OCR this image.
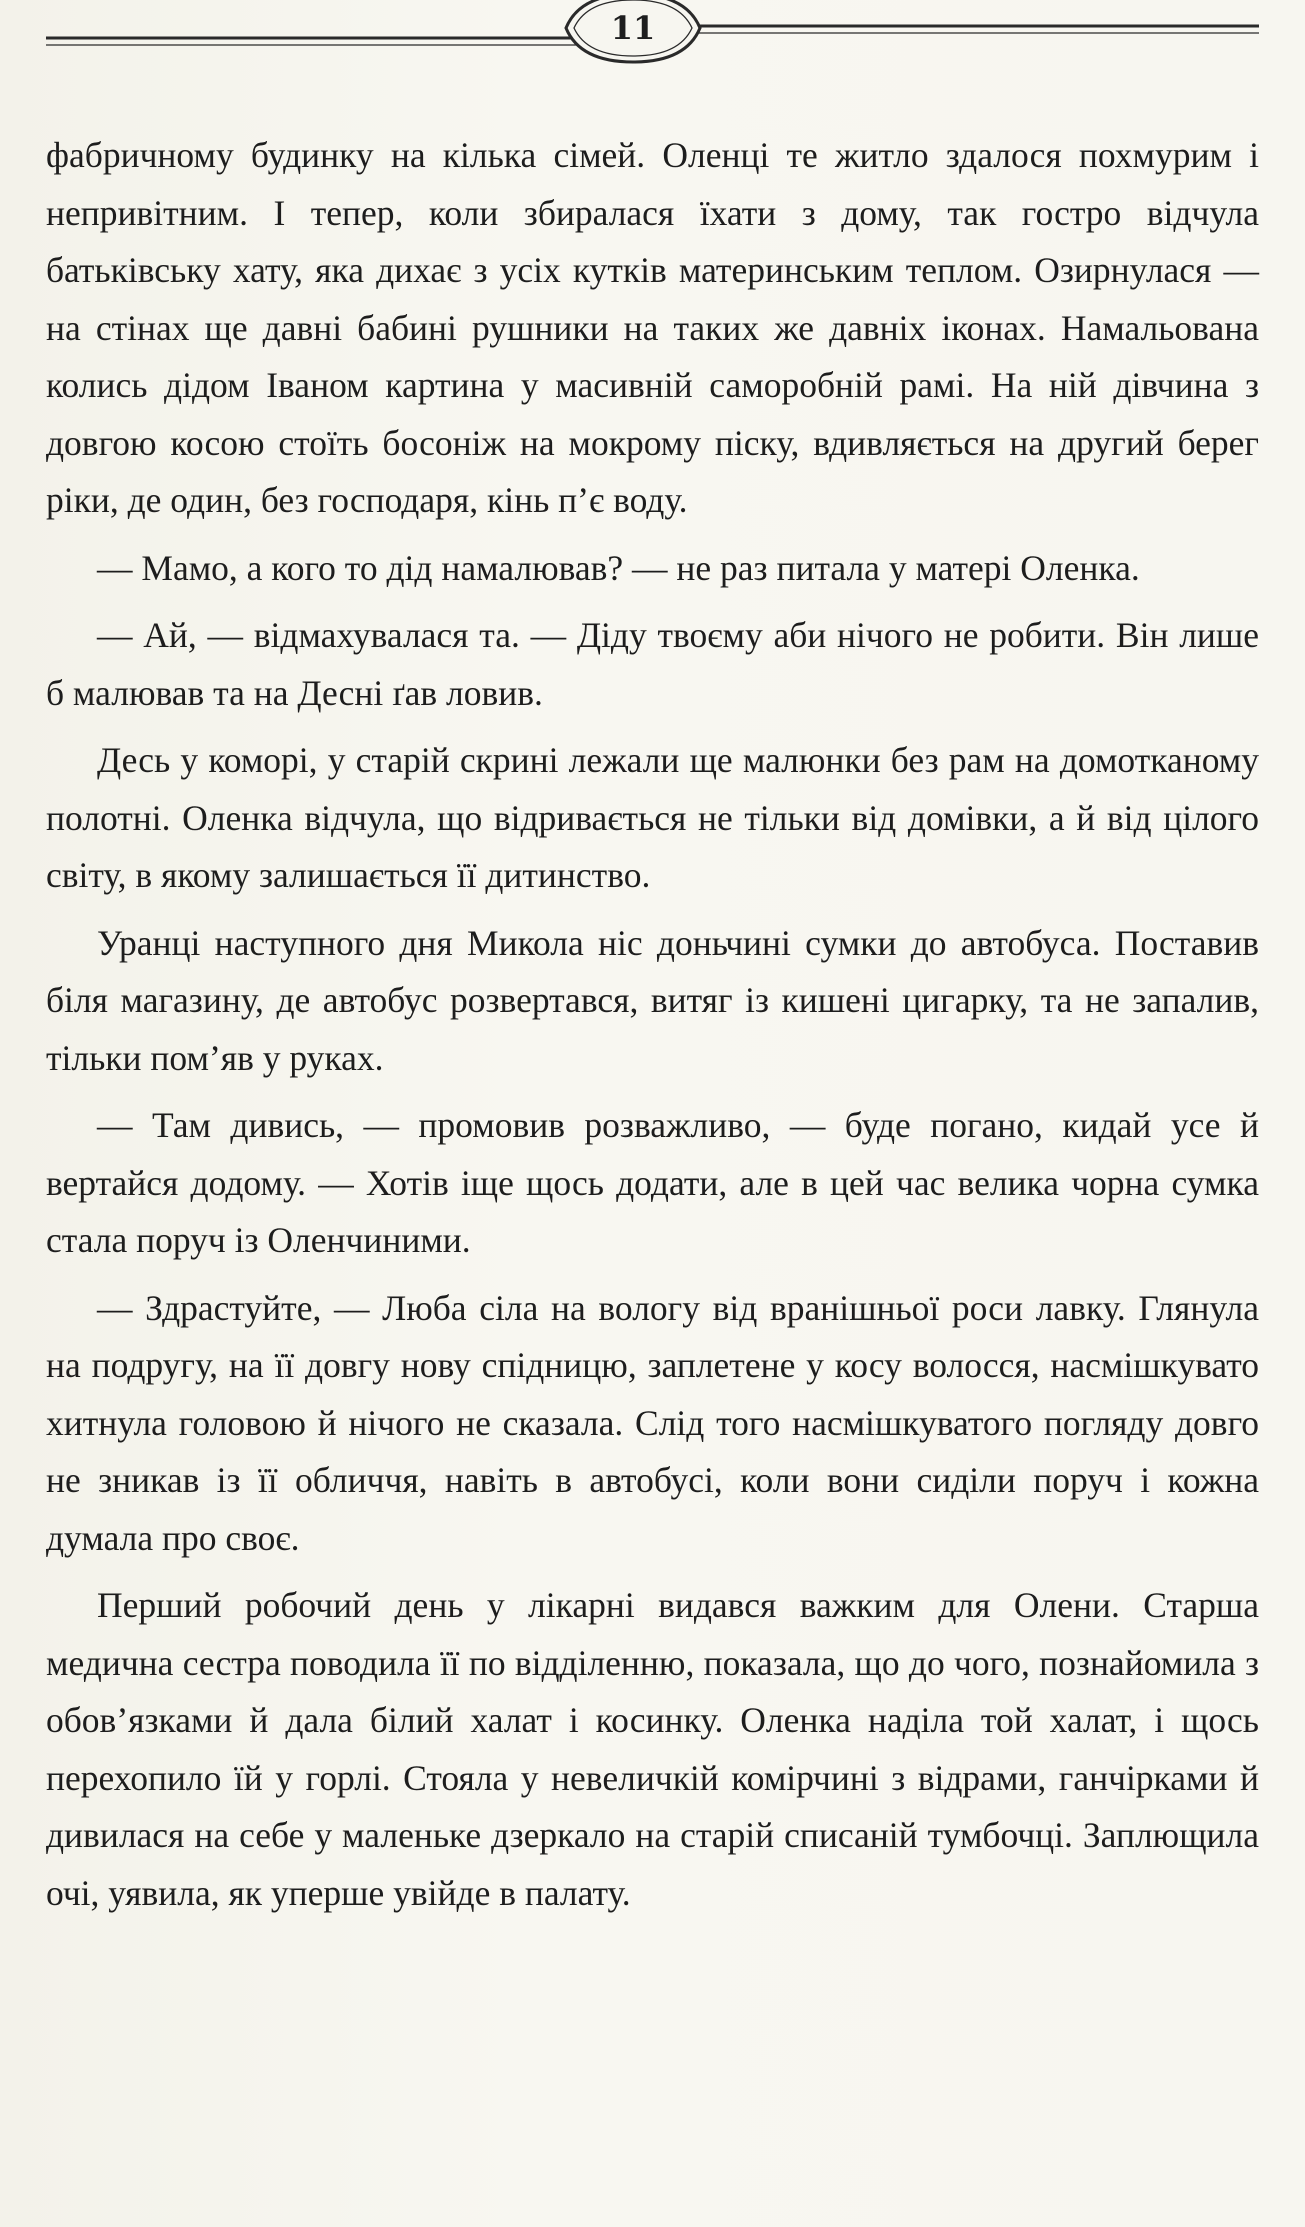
11

фабричному будинку на кілька сімей. Оленці те житло здалося похмурим і непривітним. І тепер, коли збиралася їхати з дому, так гостро відчула батьківську хату, яка дихає з усіх кутків материнським теплом. Озирнулася — на стінах ще давні бабині рушники на таких же давніх іконах. Намальована колись дідом Іваном картина у масивній саморобній рамі. На ній дівчина з довгою косою стоїть босоніж на мокрому піску, вдивляється на другий берег ріки, де один, без господаря, кінь п’є воду.

— Мамо, а кого то дід намалював? — не раз питала у матері Оленка.

— Ай, — відмахувалася та. — Діду твоєму аби нічого не робити. Він лише б малював та на Десні ґав ловив.

Десь у коморі, у старій скрині лежали ще малюнки без рам на домотканому полотні. Оленка відчула, що відривається не тільки від домівки, а й від цілого світу, в якому залишається її дитинство.

Уранці наступного дня Микола ніс доньчині сумки до автобуса. Поставив біля магазину, де автобус розвертався, витяг із кишені цигарку, та не запалив, тільки пом’яв у руках.

— Там дивись, — промовив розважливо, — буде погано, кидай усе й вертайся додому. — Хотів іще щось додати, але в цей час велика чорна сумка стала поруч із Оленчиними.

— Здрастуйте, — Люба сіла на вологу від вранішньої роси лавку. Глянула на подругу, на її довгу нову спідницю, заплетене у косу волосся, насмішкувато хитнула головою й нічого не сказала. Слід того насмішкуватого погляду довго не зникав із її обличчя, навіть в автобусі, коли вони сиділи поруч і кожна думала про своє.

Перший робочий день у лікарні видався важким для Олени. Старша медична сестра поводила її по відділенню, показала, що до чого, познайомила з обов’язками й дала білий халат і косинку. Оленка наділа той халат, і щось перехопило їй у горлі. Стояла у невеличкій комірчині з відрами, ганчірками й дивилася на себе у маленьке дзеркало на старій списаній тумбочці. Заплющила очі, уявила, як уперше увійде в палату.
